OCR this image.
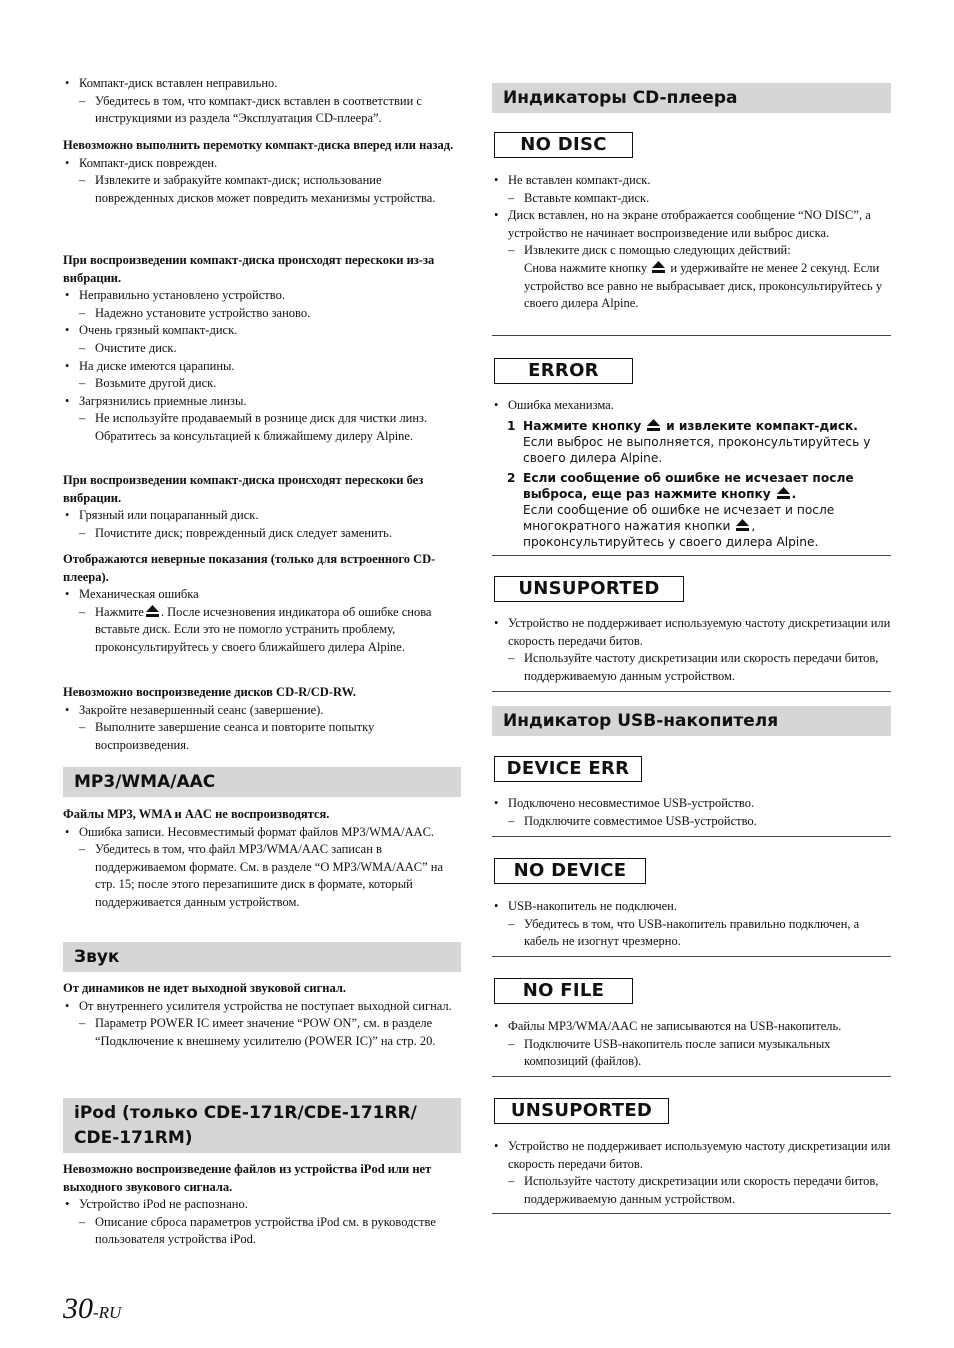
• Компакт-диск вставлен неправильно.

– Убедитесь в том, что компакт-диск вставлен в соответствии с инструкциями из раздела “Эксплуатация CD-плеера”.

Невозможно выполнить перемотку компакт-диска вперед или назад.

• Компакт-диск поврежден.

– Извлеките и забракуйте компакт-диск; использование поврежденных дисков может повредить механизмы устройства.

При воспроизведении компакт-диска происходят перескоки из-за вибрации.

• Неправильно установлено устройство.

– Надежно установите устройство заново.

• Очень грязный компакт-диск.

– Очистите диск.

• На диске имеются царапины.

– Возьмите другой диск.

• Загрязнились приемные линзы.

– Не используйте продаваемый в рознице диск для чистки линз. Обратитесь за консультацией к ближайшему дилеру Alpine.

При воспроизведении компакт-диска происходят перескоки без вибрации.

• Грязный или поцарапанный диск.

– Почистите диск; поврежденный диск следует заменить.

Отображаются неверные показания (только для встроенного CD-плеера).

• Механическая ошибка

– Нажмите . После исчезновения индикатора об ошибке снова вставьте диск. Если это не помогло устранить проблему, проконсультируйтесь у своего ближайшего дилера Alpine.

Невозможно воспроизведение дисков CD-R/CD-RW.

• Закройте незавершенный сеанс (завершение).

– Выполните завершение сеанса и повторите попытку воспроизведения.

MP3/WMA/AAC

Файлы MP3, WMA и AAC не воспроизводятся.

• Ошибка записи. Несовместимый формат файлов MP3/WMA/AAC.

– Убедитесь в том, что файл MP3/WMA/AAC записан в поддерживаемом формате. См. в разделе “О MP3/WMA/AAC” на стр. 15; после этого перезапишите диск в формате, который поддерживается данным устройством.

Звук

От динамиков не идет выходной звуковой сигнал.

• От внутреннего усилителя устройства не поступает выходной сигнал.

– Параметр POWER IC имеет значение “POW ON”, см. в разделе “Подключение к внешнему усилителю (POWER IC)” на стр. 20.

iPod (только CDE-171R/CDE-171RR/ CDE-171RM)

Невозможно воспроизведение файлов из устройства iPod или нет выходного звукового сигнала.

• Устройство iPod не распознано.

– Описание сброса параметров устройства iPod см. в руководстве пользователя устройства iPod.

Индикаторы CD-плеера
NO DISC

• Не вставлен компакт-диск.

– Вставьте компакт-диск.

• Диск вставлен, но на экране отображается сообщение “NO DISC”, а устройство не начинает воспроизведение или выброс диска.

– Извлеките диск с помощью следующих действий:

Снова нажмите кнопку и удерживайте не менее 2 секунд. Если устройство все равно не выбрасывает диск, проконсультируйтесь у своего дилера Alpine.

ERROR

• Ошибка механизма.

1 Нажмите кнопку и извлеките компакт-диск.
Если выброс не выполняется, проконсультируйтесь у своего дилера Alpine.
2 Если сообщение об ошибке не исчезает после выброса, еще раз нажмите кнопку .
Если сообщение об ошибке не исчезает и после многократного нажатия кнопки , проконсультируйтесь у своего дилера Alpine.
UNSUPORTED

• Устройство не поддерживает используемую частоту дискретизации или скорость передачи битов.

– Используйте частоту дискретизации или скорость передачи битов, поддерживаемую данным устройством.

Индикатор USB-накопителя
DEVICE ERR

• Подключено несовместимое USB-устройство.

– Подключите совместимое USB-устройство.

NO DEVICE

• USB-накопитель не подключен.

– Убедитесь в том, что USB-накопитель правильно подключен, а кабель не изогнут чрезмерно.

NO FILE

• Файлы MP3/WMA/AAC не записываются на USB-накопитель.

– Подключите USB-накопитель после записи музыкальных композиций (файлов).

UNSUPORTED

• Устройство не поддерживает используемую частоту дискретизации или скорость передачи битов.

– Используйте частоту дискретизации или скорость передачи битов, поддерживаемую данным устройством.

30-RU
